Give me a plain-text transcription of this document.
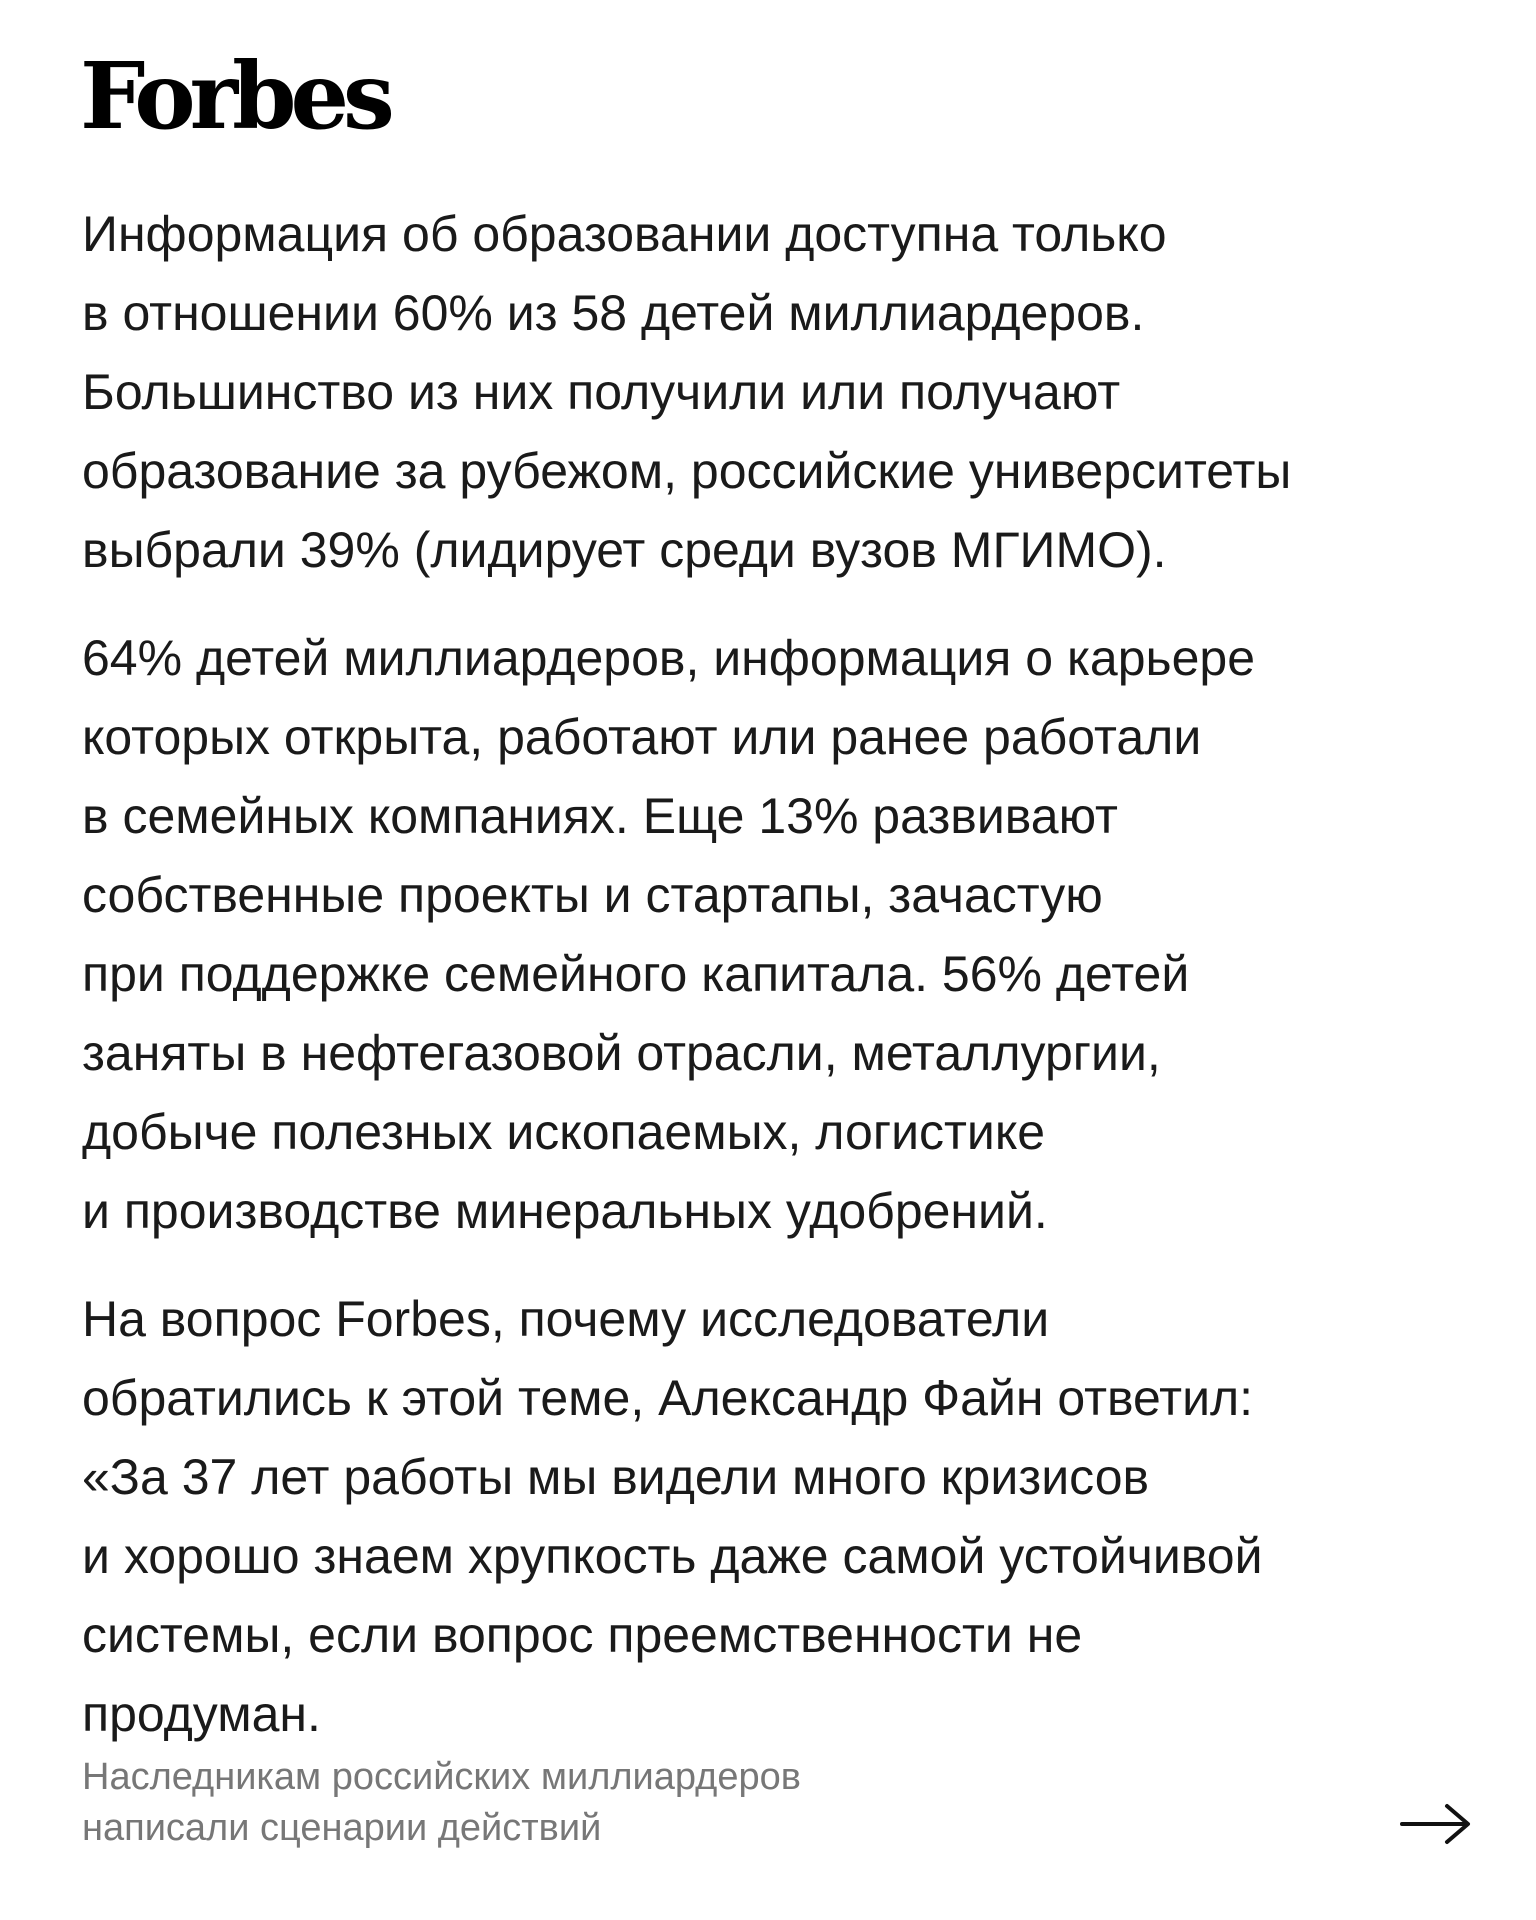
Forbes

Информация об образовании доступна только
в отношении 60% из 58 детей миллиардеров.
Большинство из них получили или получают
образование за рубежом, российские университеты
выбрали 39% (лидирует среди вузов МГИМО).

64% детей миллиардеров, информация о карьере
которых открыта, работают или ранее работали
в семейных компаниях. Еще 13% развивают
собственные проекты и стартапы, зачастую
при поддержке семейного капитала. 56% детей
заняты в нефтегазовой отрасли, металлургии,
добыче полезных ископаемых, логистике
и производстве минеральных удобрений.

На вопрос Forbes, почему исследователи
обратились к этой теме, Александр Файн ответил:
«За 37 лет работы мы видели много кризисов
и хорошо знаем хрупкость даже самой устойчивой
системы, если вопрос преемственности не
продуман.

Наследникам российских миллиардеров
написали сценарии действий
